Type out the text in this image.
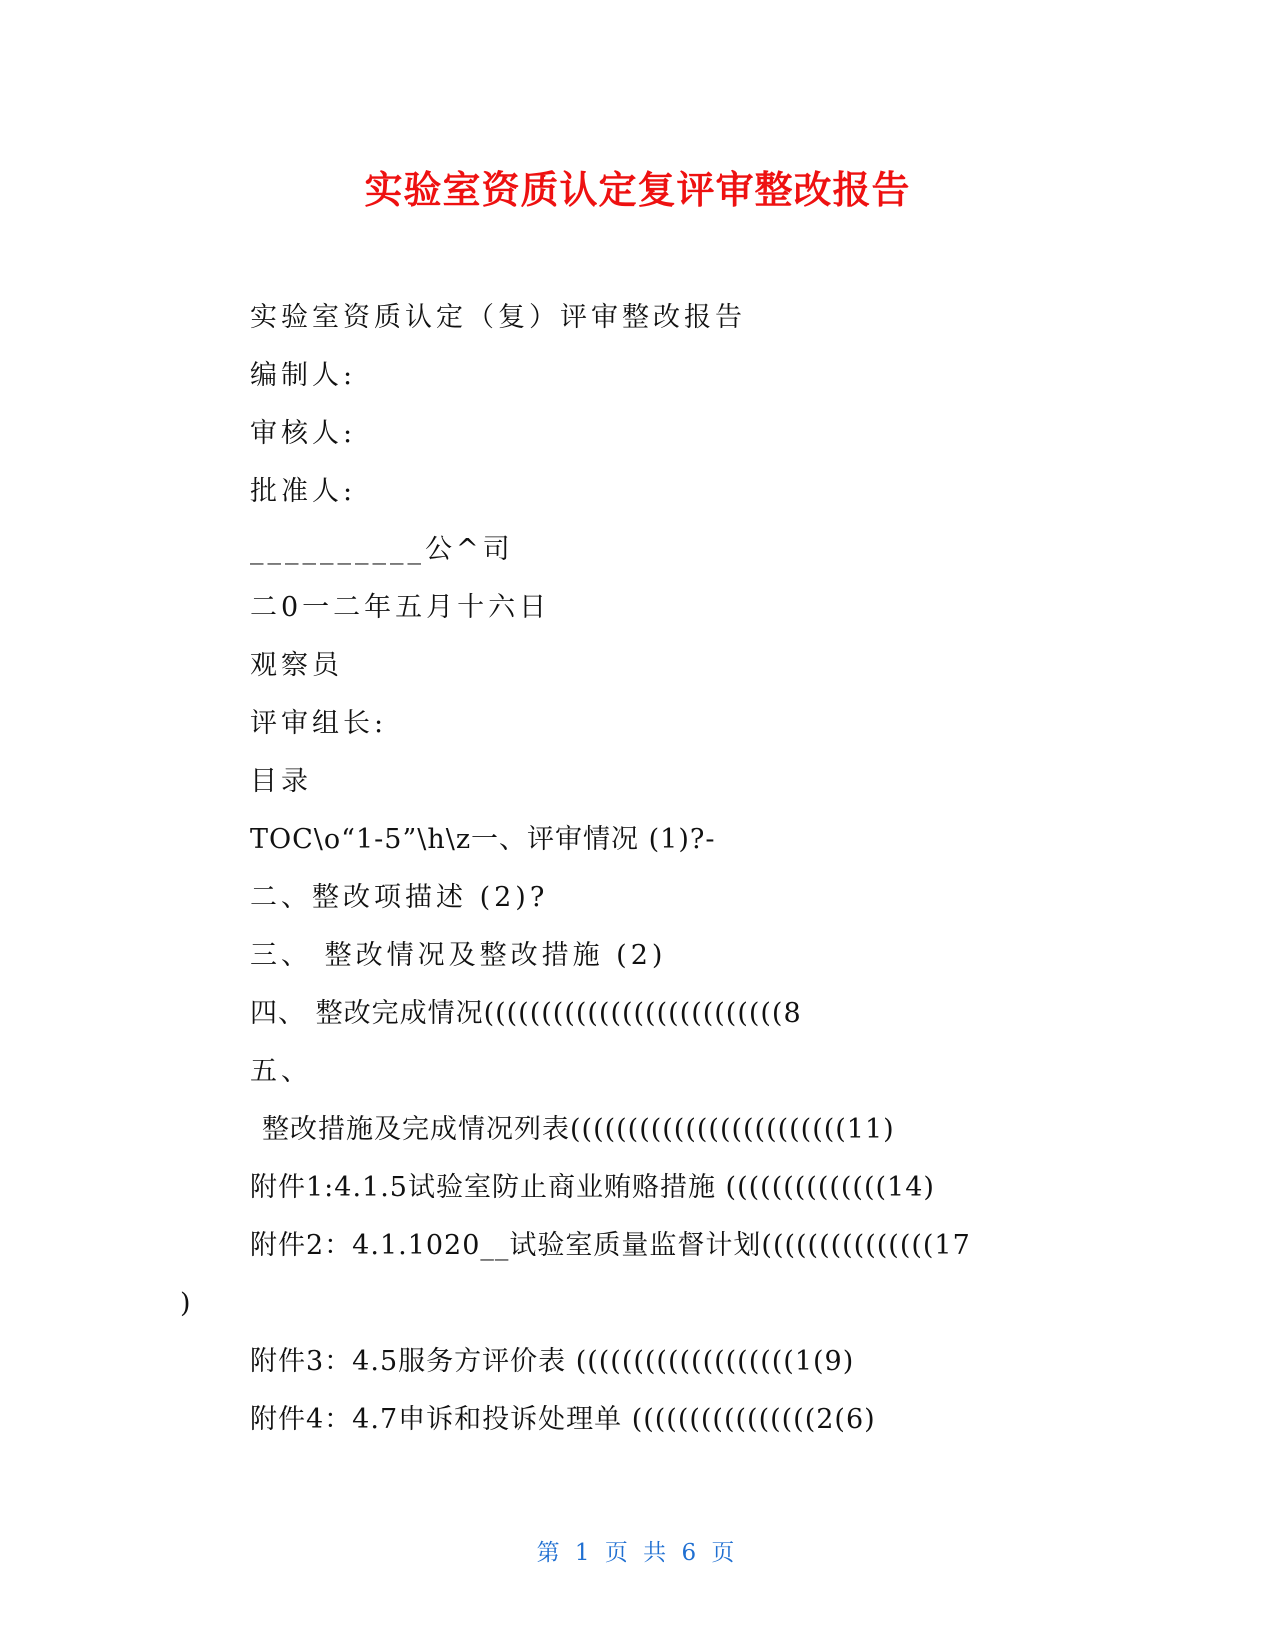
实验室资质认定复评审整改报告
实验室资质认定（复）评审整改报告
编制人:
审核人:
批准人:
__________公^司
二0一二年五月十六日
观察员
评审组长:
目录
TOC\o“1-5”\h\z一、评审情况 (1)?-
二、整改项描述 (2)?
三、 整改情况及整改措施 (2)
四、 整改完成情况((((((((((((((((((((((((((8
五、
整改措施及完成情况列表((((((((((((((((((((((((11)
附件1:4.1.5试验室防止商业贿赂措施 ((((((((((((((14)
附件2：4.1.1020__试验室质量监督计划(((((((((((((((17
)
附件3：4.5服务方评价表 (((((((((((((((((((1(9)
附件4：4.7申诉和投诉处理单 ((((((((((((((((2(6)
第 1 页 共 6 页
